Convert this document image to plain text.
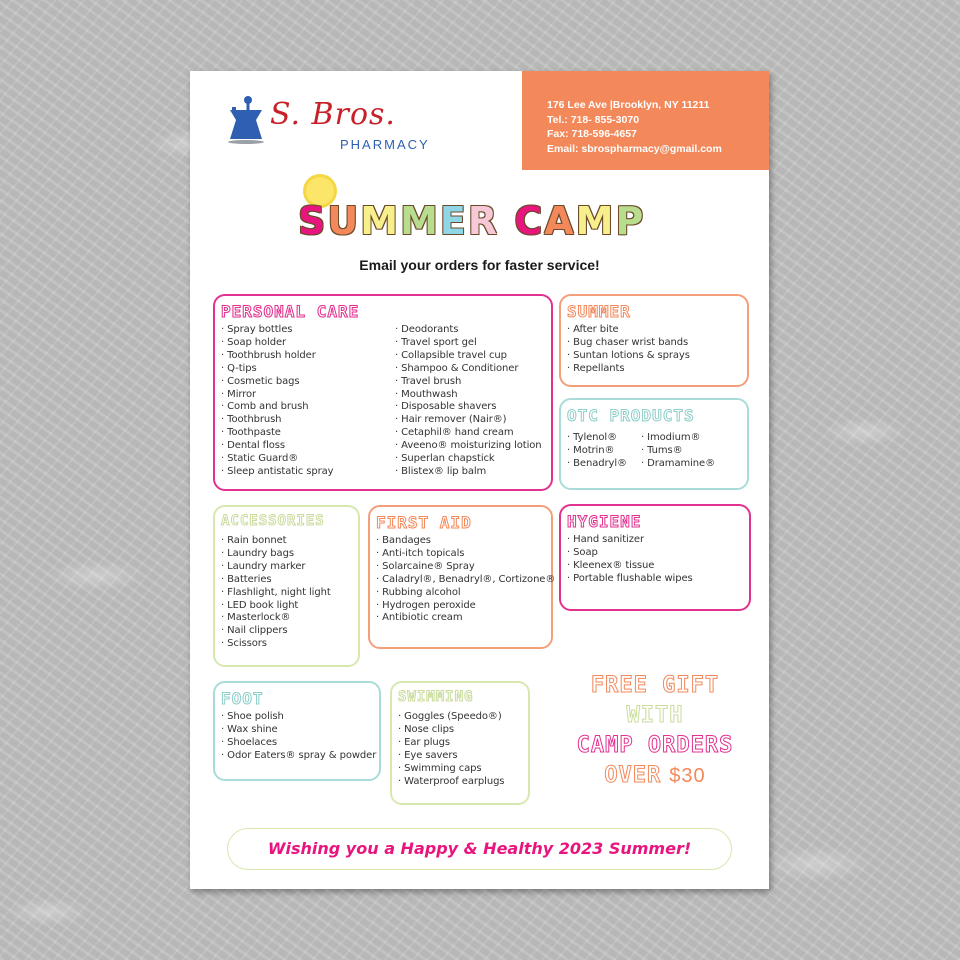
S. Bros.
PHARMACY
176 Lee Ave |Brooklyn, NY 11211
Tel.: 718- 855-3070
Fax: 718-596-4657
Email: sbrospharmacy@gmail.com
SUMMER CAMP
Email your orders for faster service!
PERSONAL CARE
· Spray bottles
· Soap holder
· Toothbrush holder
· Q-tips
· Cosmetic bags
· Mirror
· Comb and brush
· Toothbrush
· Toothpaste
· Dental floss
· Static Guard®
· Sleep antistatic spray
· Deodorants
· Travel sport gel
· Collapsible travel cup
· Shampoo & Conditioner
· Travel brush
· Mouthwash
· Disposable shavers
· Hair remover (Nair®)
· Cetaphil® hand cream
· Aveeno® moisturizing lotion
· Superlan chapstick
· Blistex® lip balm
SUMMER
· After bite
· Bug chaser wrist bands
· Suntan lotions & sprays
· Repellants
OTC PRODUCTS
· Tylenol®
· Motrin®
· Benadryl®
· Imodium®
· Tums®
· Dramamine®
ACCESSORIES
· Rain bonnet
· Laundry bags
· Laundry marker
· Batteries
· Flashlight, night light
· LED book light
· Masterlock®
· Nail clippers
· Scissors
FIRST AID
· Bandages
· Anti-itch topicals
· Solarcaine® Spray
· Caladryl®, Benadryl®, Cortizone®
· Rubbing alcohol
· Hydrogen peroxide
· Antibiotic cream
HYGIENE
· Hand sanitizer
· Soap
· Kleenex® tissue
· Portable flushable wipes
FOOT
· Shoe polish
· Wax shine
· Shoelaces
· Odor Eaters® spray & powder
SWIMMING
· Goggles (Speedo®)
· Nose clips
· Ear plugs
· Eye savers
· Swimming caps
· Waterproof earplugs
FREE GIFT
WITH
CAMP ORDERS
OVER $30
Wishing you a Happy & Healthy 2023 Summer!
